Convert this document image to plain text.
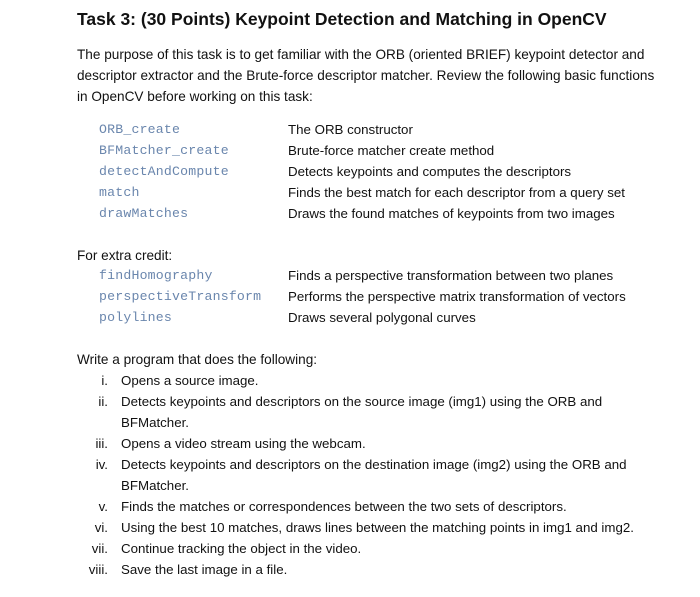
Task 3: (30 Points) Keypoint Detection and Matching in OpenCV

The purpose of this task is to get familiar with the ORB (oriented BRIEF) keypoint detector and

descriptor extractor and the Brute-force descriptor matcher. Review the following basic functions

in OpenCV before working on this task:

ORB_create	The ORB constructor
BFMatcher_create	Brute-force matcher create method
detectAndCompute	Detects keypoints and computes the descriptors
match	Finds the best match for each descriptor from a query set
drawMatches	Draws the found matches of keypoints from two images
For extra credit:
findHomography	Finds a perspective transformation between two planes
perspectiveTransform Performs the perspective matrix transformation of vectors
polylines	Draws several polygonal curves
Write a program that does the following:
i. Opens a source image.
ii. Detects keypoints and descriptors on the source image (img1) using the ORB and
BFMatcher.
iii. Opens a video stream using the webcam.
iv. Detects keypoints and descriptors on the destination image (img2) using the ORB and
BFMatcher.
v. Finds the matches or correspondences between the two sets of descriptors.
vi. Using the best 10 matches, draws lines between the matching points in img1 and img2.
vii. Continue tracking the object in the video.
viii. Save the last image in a file.
